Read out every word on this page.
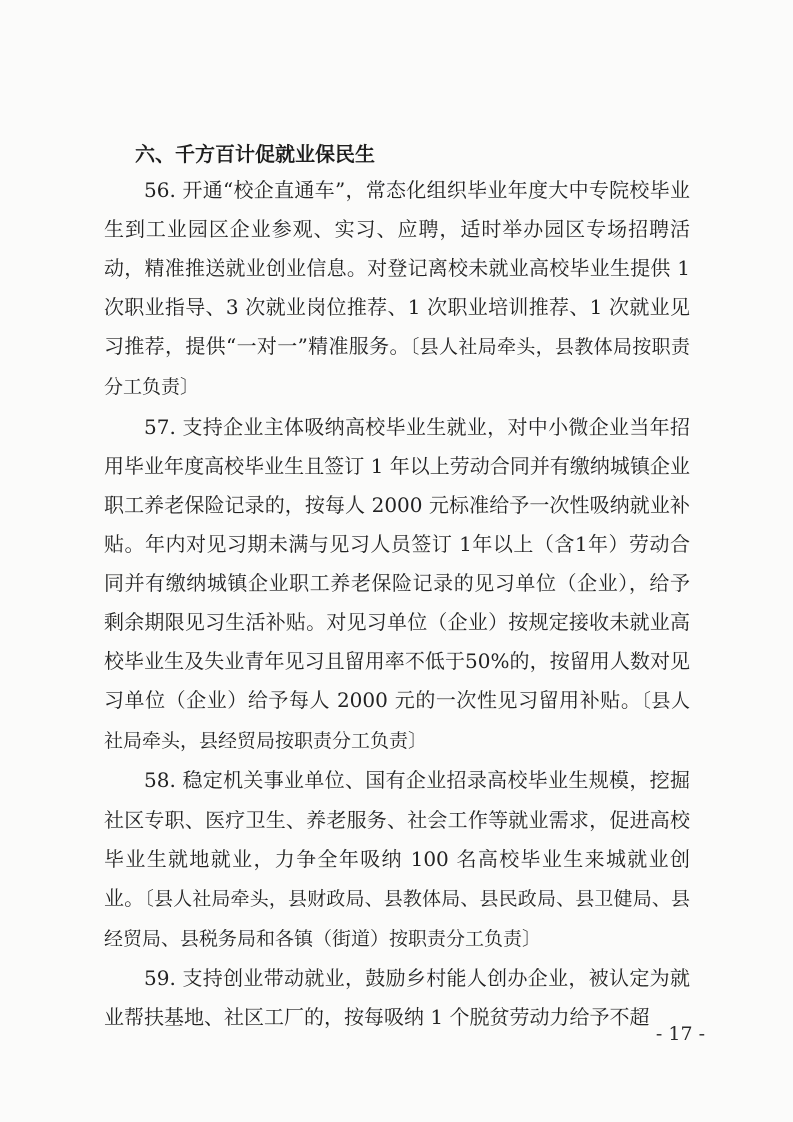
六、千方百计促就业保民生

56. 开通“校企直通车”，常态化组织毕业年度大中专院校毕业生到工业园区企业参观、实习、应聘，适时举办园区专场招聘活动，精准推送就业创业信息。对登记离校未就业高校毕业生提供 1 次职业指导、3 次就业岗位推荐、1 次职业培训推荐、1 次就业见习推荐，提供“一对一”精准服务。〔县人社局牵头，县教体局按职责分工负责〕

57. 支持企业主体吸纳高校毕业生就业，对中小微企业当年招用毕业年度高校毕业生且签订 1 年以上劳动合同并有缴纳城镇企业职工养老保险记录的，按每人 2000 元标准给予一次性吸纳就业补贴。年内对见习期未满与见习人员签订 1年以上（含1年）劳动合同并有缴纳城镇企业职工养老保险记录的见习单位（企业），给予剩余期限见习生活补贴。对见习单位（企业）按规定接收未就业高校毕业生及失业青年见习且留用率不低于50%的，按留用人数对见习单位（企业）给予每人 2000 元的一次性见习留用补贴。〔县人社局牵头，县经贸局按职责分工负责〕

58. 稳定机关事业单位、国有企业招录高校毕业生规模，挖掘社区专职、医疗卫生、养老服务、社会工作等就业需求，促进高校毕业生就地就业，力争全年吸纳 100 名高校毕业生来城就业创业。〔县人社局牵头，县财政局、县教体局、县民政局、县卫健局、县经贸局、县税务局和各镇（街道）按职责分工负责〕

59. 支持创业带动就业，鼓励乡村能人创办企业，被认定为就业帮扶基地、社区工厂的，按每吸纳 1 个脱贫劳动力给予不超

- 17 -
